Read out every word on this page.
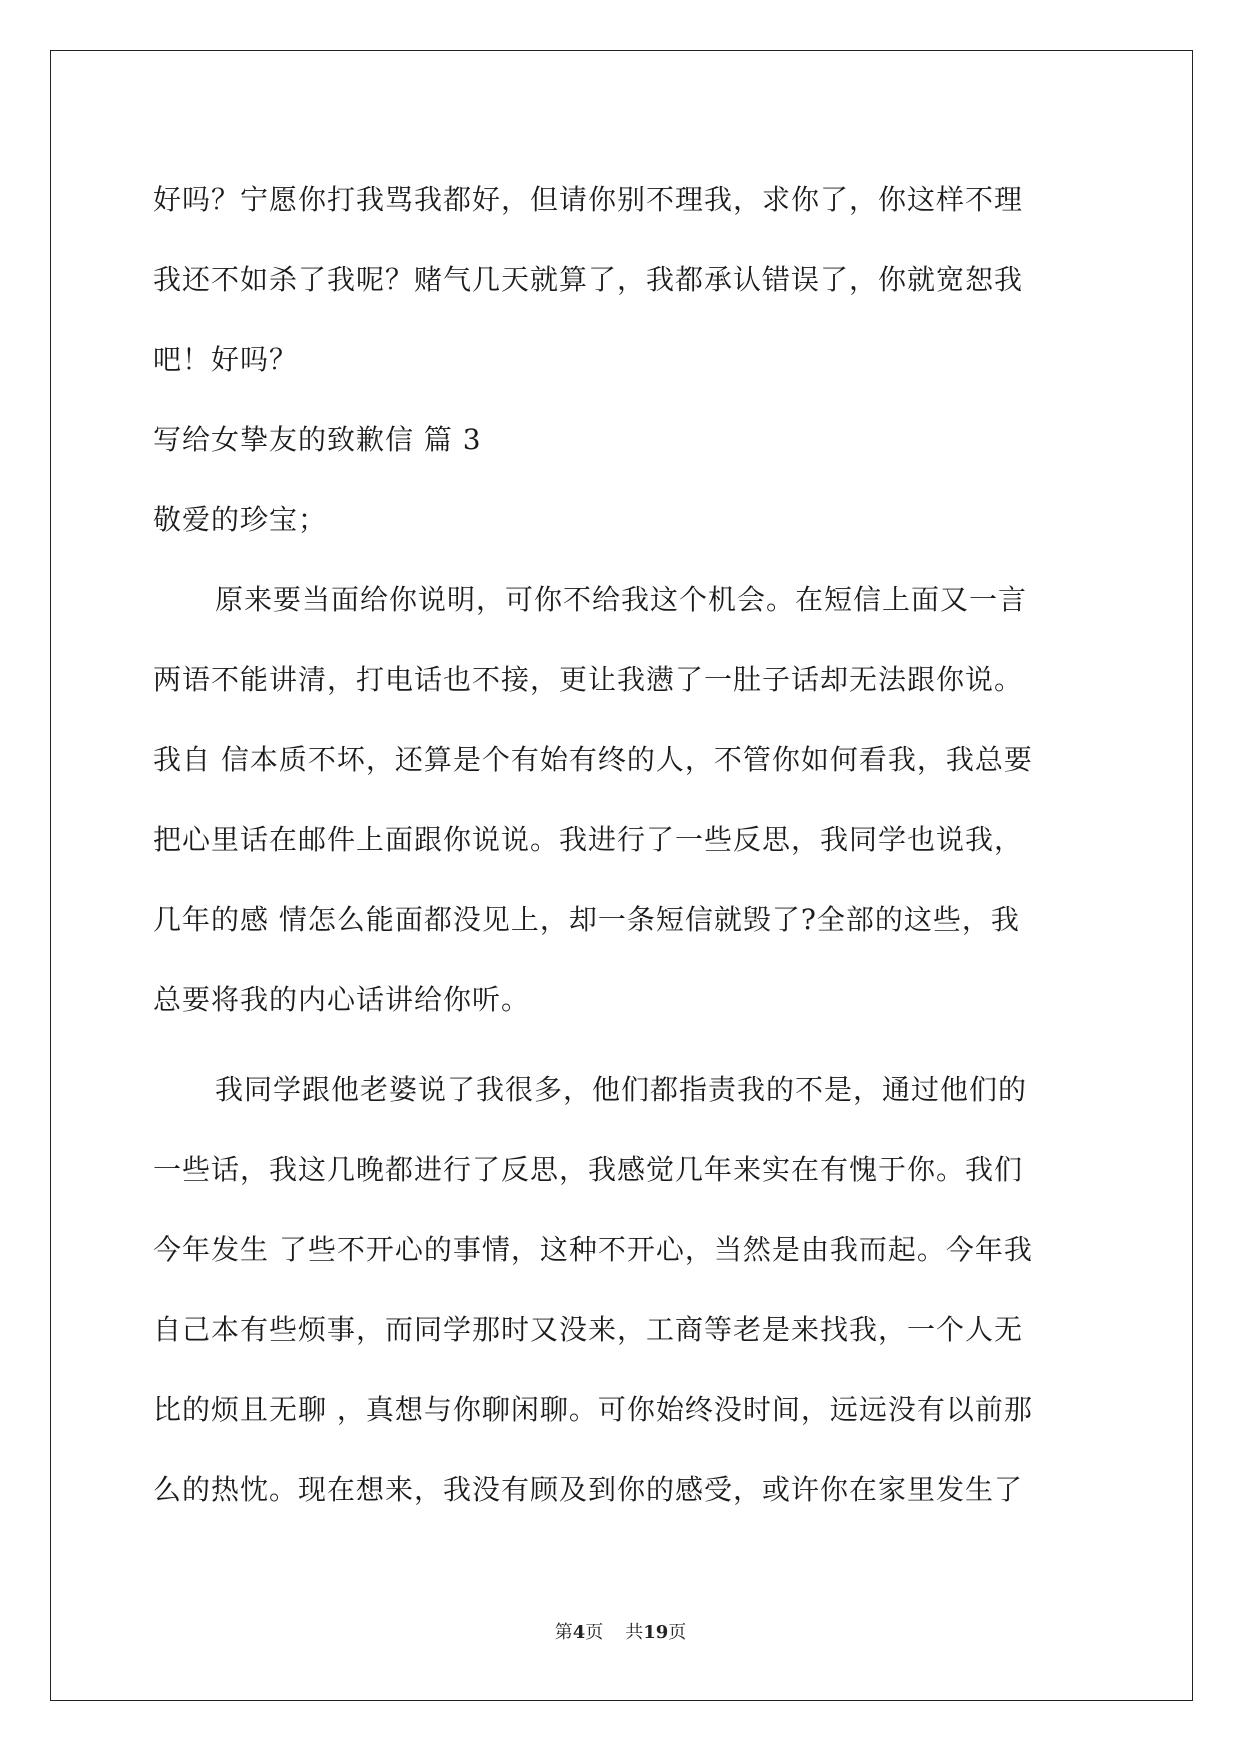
好吗？宁愿你打我骂我都好，但请你别不理我，求你了，你这样不理
我还不如杀了我呢？赌气几天就算了，我都承认错误了，你就宽恕我
吧！好吗？
写给女挚友的致歉信 篇 3
敬爱的珍宝；
原来要当面给你说明，可你不给我这个机会。在短信上面又一言
两语不能讲清，打电话也不接，更让我懑了一肚子话却无法跟你说。
我自 信本质不坏，还算是个有始有终的人，不管你如何看我，我总要
把心里话在邮件上面跟你说说。我进行了一些反思，我同学也说我，
几年的感 情怎么能面都没见上，却一条短信就毁了?全部的这些，我
总要将我的内心话讲给你听。
我同学跟他老婆说了我很多，他们都指责我的不是，通过他们的
一些话，我这几晚都进行了反思，我感觉几年来实在有愧于你。我们
今年发生 了些不开心的事情，这种不开心，当然是由我而起。今年我
自己本有些烦事，而同学那时又没来，工商等老是来找我，一个人无
比的烦且无聊 ，真想与你聊闲聊。可你始终没时间，远远没有以前那
么的热忱。现在想来，我没有顾及到你的感受，或许你在家里发生了
第4页 共19页
